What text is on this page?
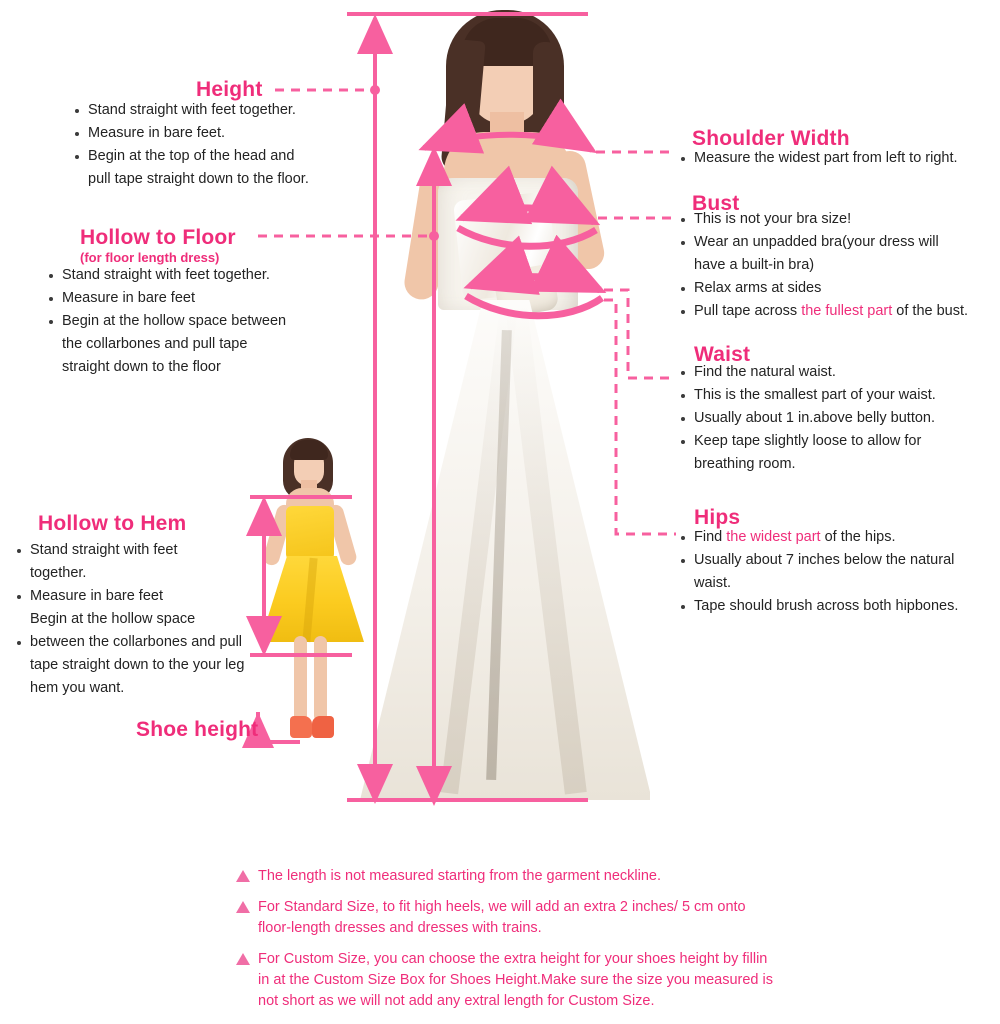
Height
Stand straight with feet together.
Measure in bare feet.
Begin at the top of the head and
pull tape straight down to the floor.
Hollow to Floor
(for floor length dress)
Stand straight with feet together.
Measure in bare feet
Begin at the hollow space between
the collarbones and pull tape
straight down to the floor
Hollow to Hem
Stand straight with feet
together.
Measure in bare feet
Begin at the hollow space
between the collarbones and pull
tape straight down to the your leg
hem you want.
Shoe height
Shoulder Width
Measure the widest part from left to right.
Bust
This is not your bra size!
Wear an unpadded bra(your dress will
have a built-in bra)
Relax arms at sides
Pull tape across the fullest part of the bust.
Waist
Find the natural waist.
This is the smallest part of your waist.
Usually about 1 in.above belly button.
Keep tape slightly loose to allow for
breathing room.
Hips
Find the widest part of the hips.
Usually about 7 inches below the natural
waist.
Tape should brush across both hipbones.
The length is not measured starting from the garment neckline.
For Standard Size, to fit high heels, we will add an extra 2 inches/ 5 cm onto
floor-length dresses and dresses with trains.
For Custom Size, you can choose the extra height for your shoes height by fillin
in at the Custom Size Box for Shoes Height.Make sure the size you measured is
not short as we will not add any extral length for Custom Size.
